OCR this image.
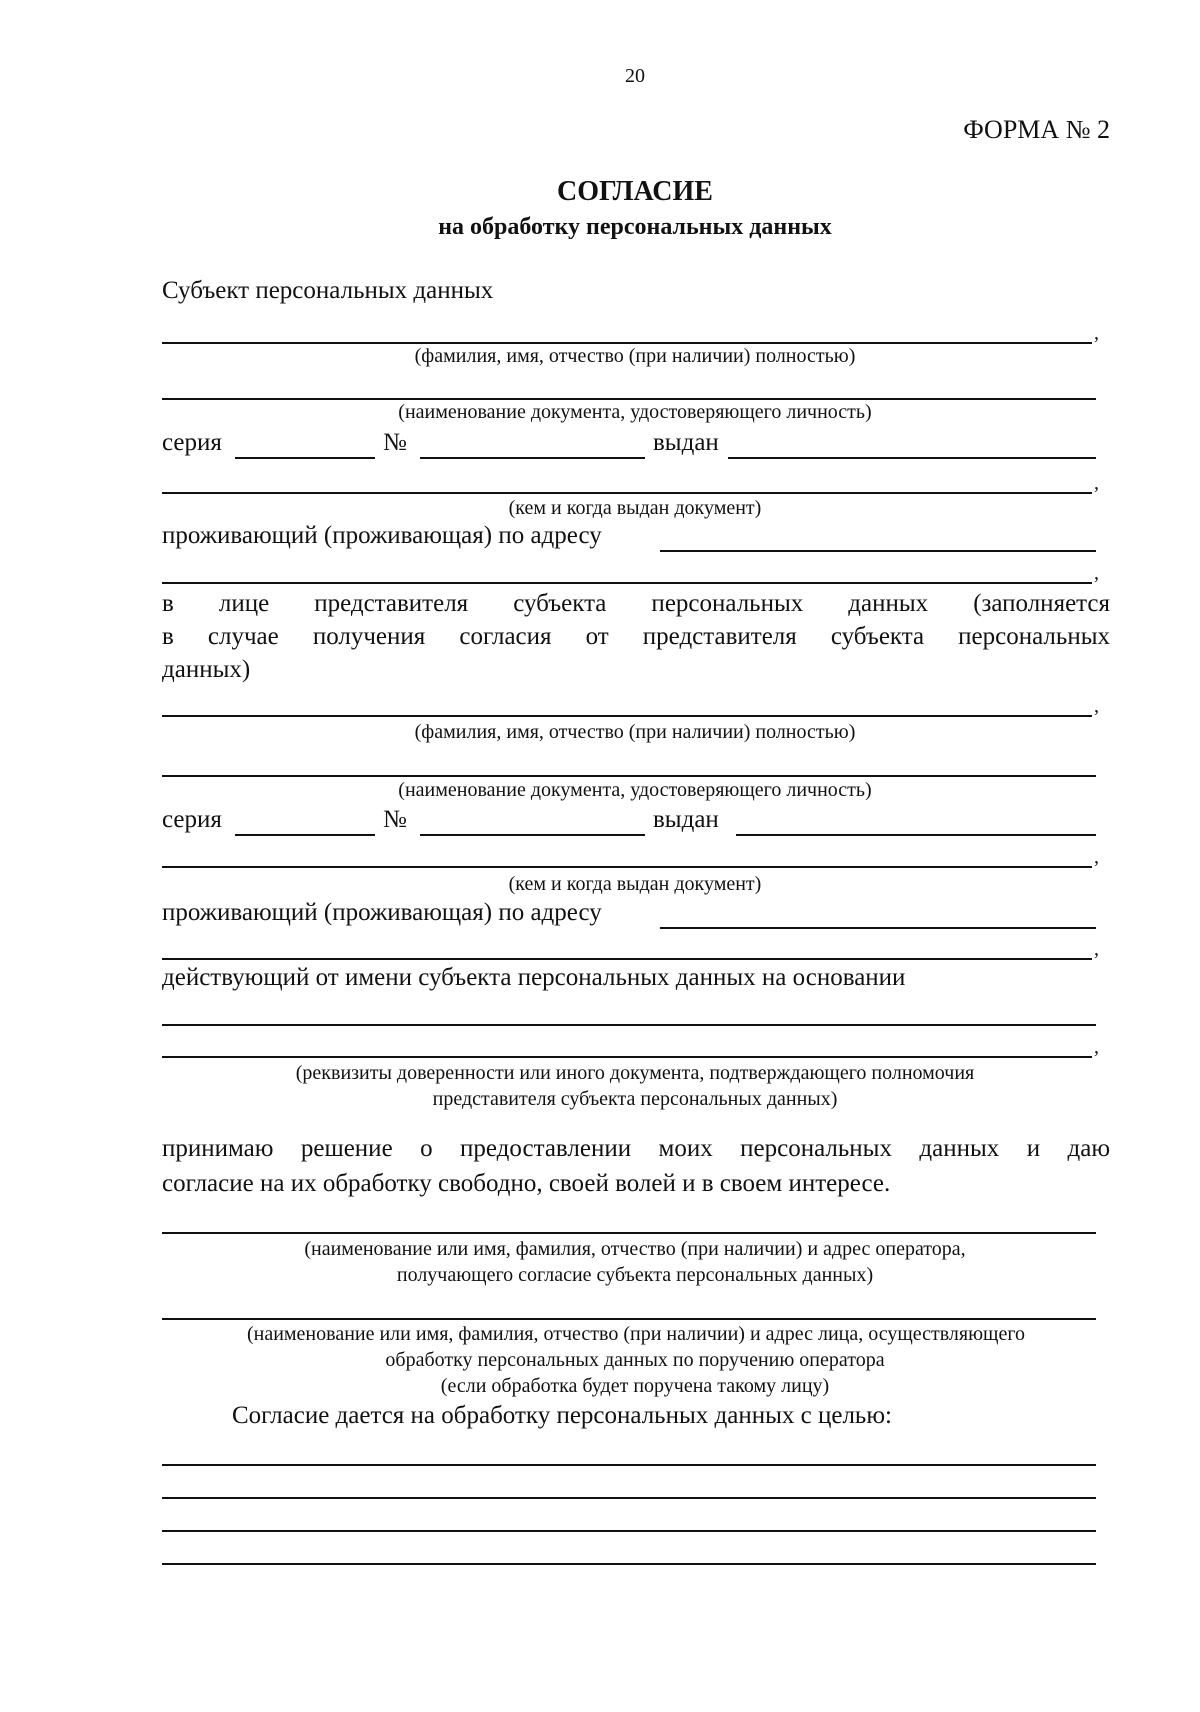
20
ФОРМА № 2
СОГЛАСИЕ
на обработку персональных данных
Субъект персональных данных
,
(фамилия, имя, отчество (при наличии) полностью)
(наименование документа, удостоверяющего личность)
серия	№	выдан
,
(кем и когда выдан документ)
проживающий (проживающая) по адресу
,
в лице представителя субъекта персональных данных (заполняется
в случае получения согласия от представителя субъекта персональных
данных)
,
(фамилия, имя, отчество (при наличии) полностью)
(наименование документа, удостоверяющего личность)
серия	№	выдан
,
(кем и когда выдан документ)
проживающий (проживающая) по адресу
,
действующий от имени субъекта персональных данных на основании
,
(реквизиты доверенности или иного документа, подтверждающего полномочия
представителя субъекта персональных данных)
принимаю решение о предоставлении моих персональных данных и даю
согласие на их обработку свободно, своей волей и в своем интересе.
(наименование или имя, фамилия, отчество (при наличии) и адрес оператора,
получающего согласие субъекта персональных данных)
(наименование или имя, фамилия, отчество (при наличии) и адрес лица, осуществляющего
обработку персональных данных по поручению оператора
(если обработка будет поручена такому лицу)
Согласие дается на обработку персональных данных с целью:
